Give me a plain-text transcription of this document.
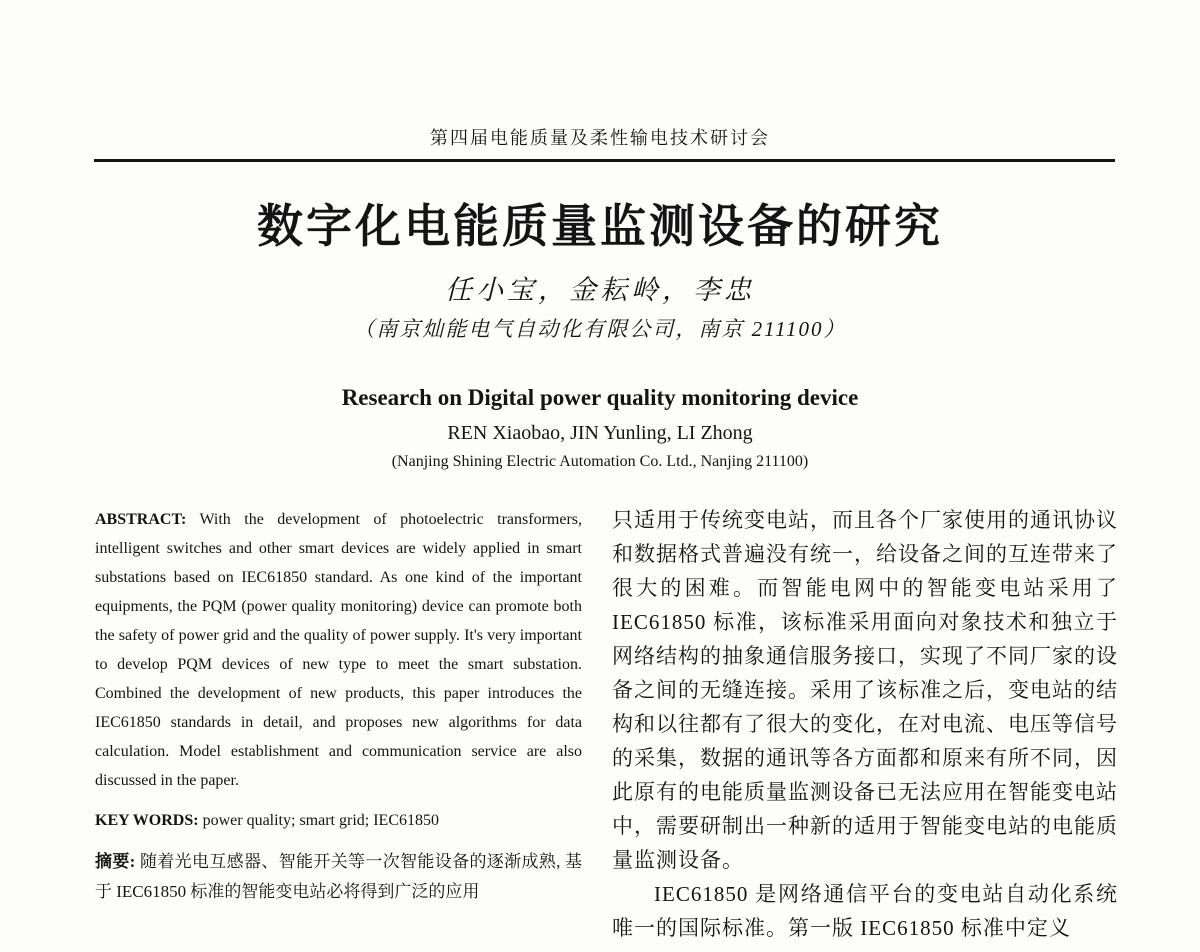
第四届电能质量及柔性输电技术研讨会
数字化电能质量监测设备的研究
任小宝，金耘岭，李忠
（南京灿能电气自动化有限公司，南京 211100）
Research on Digital power quality monitoring device
REN Xiaobao, JIN Yunling, LI Zhong
(Nanjing Shining Electric Automation Co. Ltd., Nanjing 211100)

ABSTRACT: With the development of photoelectric transformers, intelligent switches and other smart devices are widely applied in smart substations based on IEC61850 standard. As one kind of the important equipments, the PQM (power quality monitoring) device can promote both the safety of power grid and the quality of power supply. It's very important to develop PQM devices of new type to meet the smart substation. Combined the development of new products, this paper introduces the IEC61850 standards in detail, and proposes new algorithms for data calculation. Model establishment and communication service are also discussed in the paper.

KEY WORDS: power quality; smart grid; IEC61850

摘要: 随着光电互感器、智能开关等一次智能设备的逐渐成熟, 基于 IEC61850 标准的智能变电站必将得到广泛的应用

只适用于传统变电站，而且各个厂家使用的通讯协议和数据格式普遍没有统一，给设备之间的互连带来了很大的困难。而智能电网中的智能变电站采用了 IEC61850 标准，该标准采用面向对象技术和独立于网络结构的抽象通信服务接口，实现了不同厂家的设备之间的无缝连接。采用了该标准之后，变电站的结构和以往都有了很大的变化，在对电流、电压等信号的采集，数据的通讯等各方面都和原来有所不同，因此原有的电能质量监测设备已无法应用在智能变电站中，需要研制出一种新的适用于智能变电站的电能质量监测设备。

IEC61850 是网络通信平台的变电站自动化系统唯一的国际标准。第一版 IEC61850 标准中定义
